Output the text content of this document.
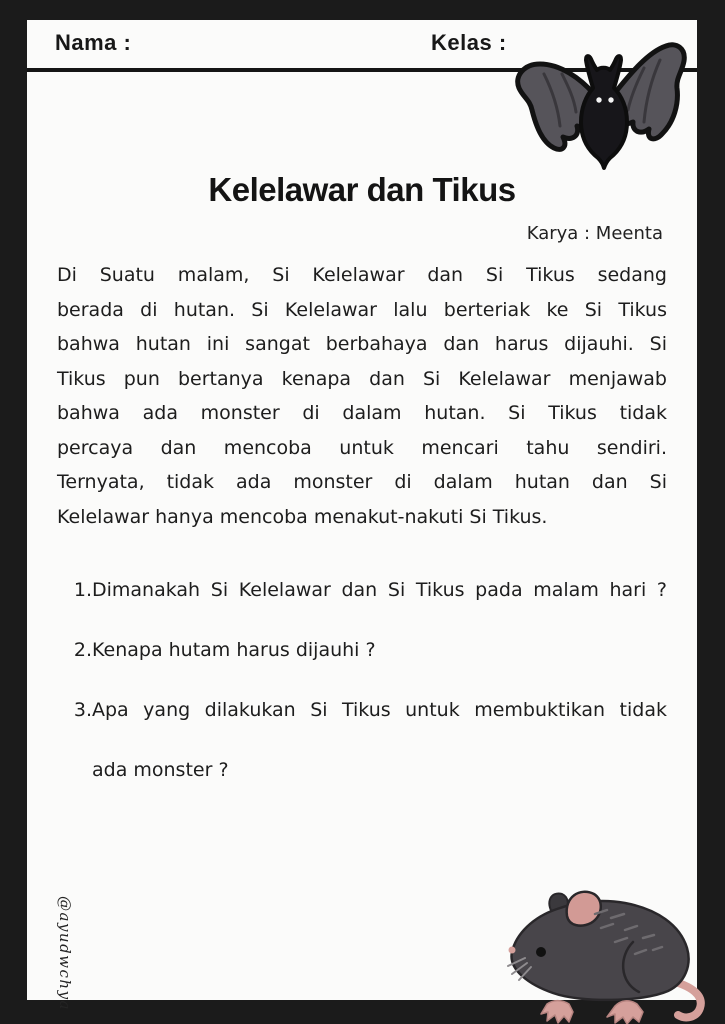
Nama :	Kelas :
Kelelawar dan Tikus
Karya : Meenta
Di Suatu malam, Si Kelelawar dan Si Tikus sedang
berada di hutan. Si Kelelawar lalu berteriak ke Si Tikus
bahwa hutan ini sangat berbahaya dan harus dijauhi. Si
Tikus pun bertanya kenapa dan Si Kelelawar menjawab
bahwa ada monster di dalam hutan. Si Tikus tidak
percaya dan mencoba untuk mencari tahu sendiri.
Ternyata, tidak ada monster di dalam hutan dan Si
Kelelawar hanya mencoba menakut-nakuti Si Tikus.
1. Dimanakah Si Kelelawar dan Si Tikus pada malam hari ?
2. Kenapa hutam harus dijauhi ?
3. Apa yang dilakukan Si Tikus untuk membuktikan tidak
ada monster ?
@ayudwchya
